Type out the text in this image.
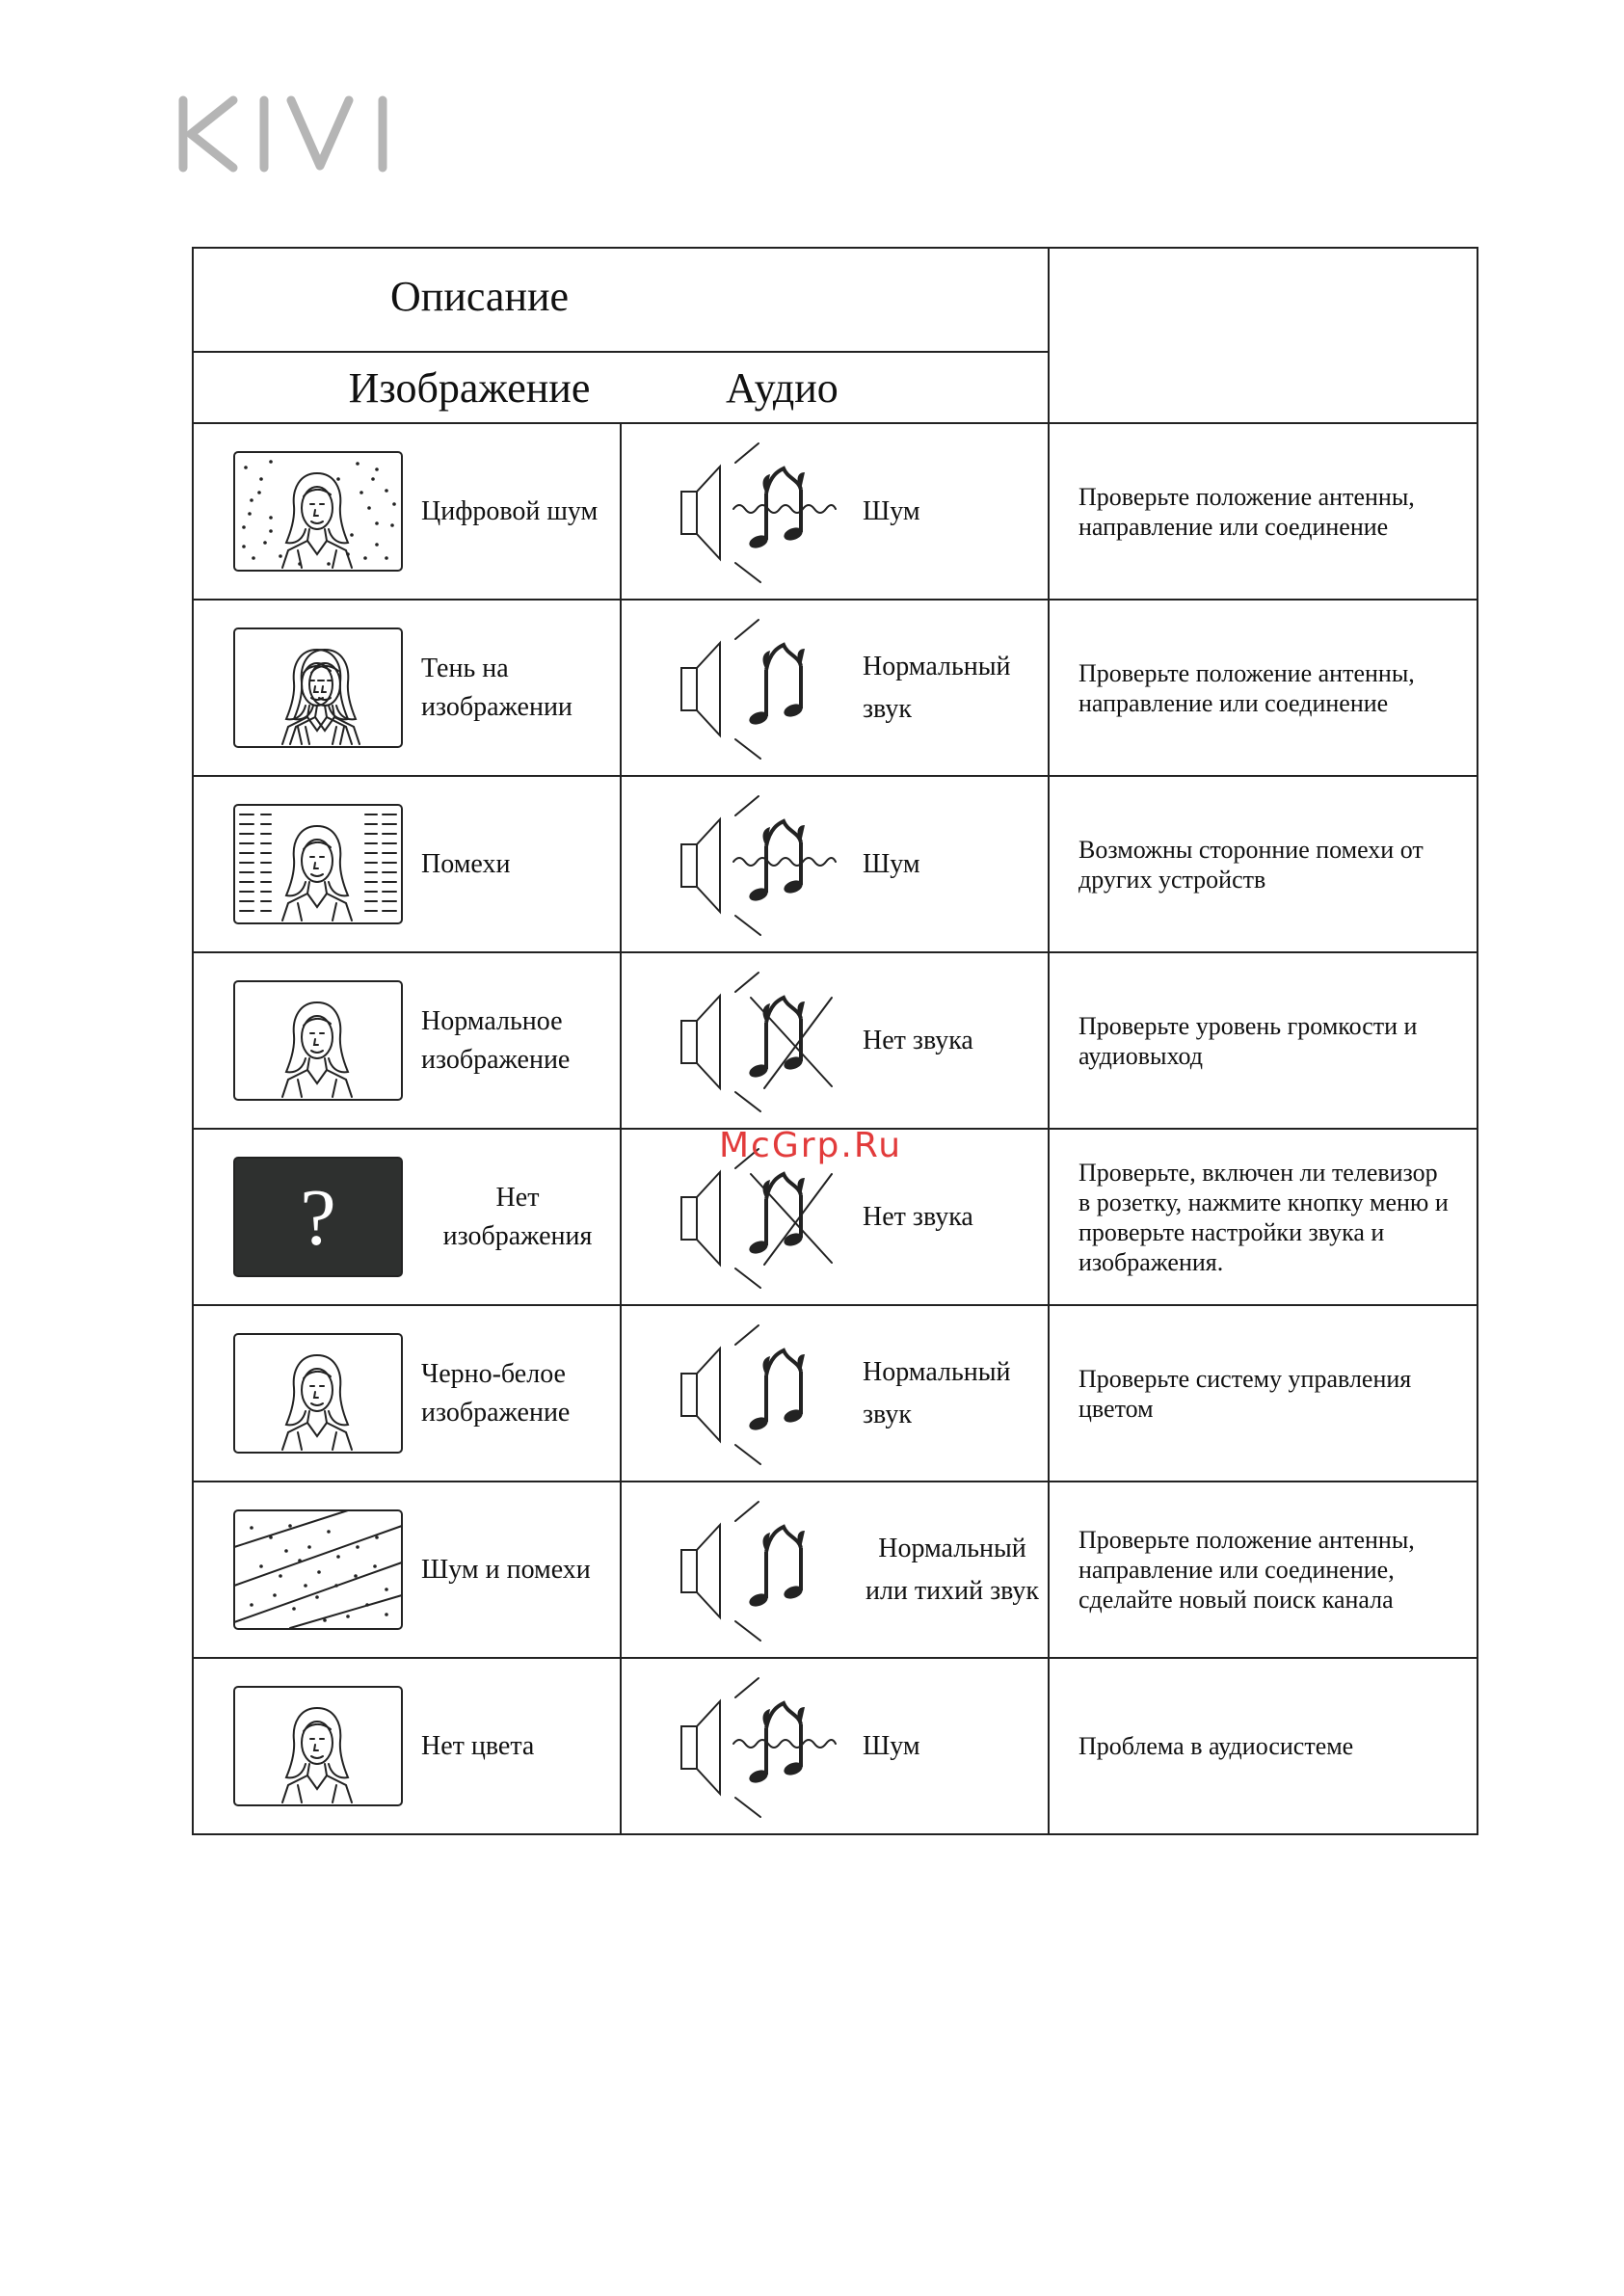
McGrp.Ru
Описание		

Изображение Аудио		

Цифровой шум	Шум	Проверьте положение антенны, направление или соединение

Тень на изображении	Нормальный звук	Проверьте положение антенны, направление или соединение

Помехи	Шум	Возможны сторонние помехи от других устройств

Нормальное изображение	Нет звука	Проверьте уровень громкости и аудиовыход

? Нет изображения	Нет звука	Проверьте, включен ли телевизор в розетку, нажмите кнопку меню и проверьте настройки звука и изображения.

Черно-белое изображение	Нормальный звук	Проверьте систему управления цветом

Шум и помехи	Нормальный или тихий звук	Проверьте положение антенны, направление или соединение, сделайте новый поиск канала

Нет цвета	Шум	Проблема в аудиосистеме
